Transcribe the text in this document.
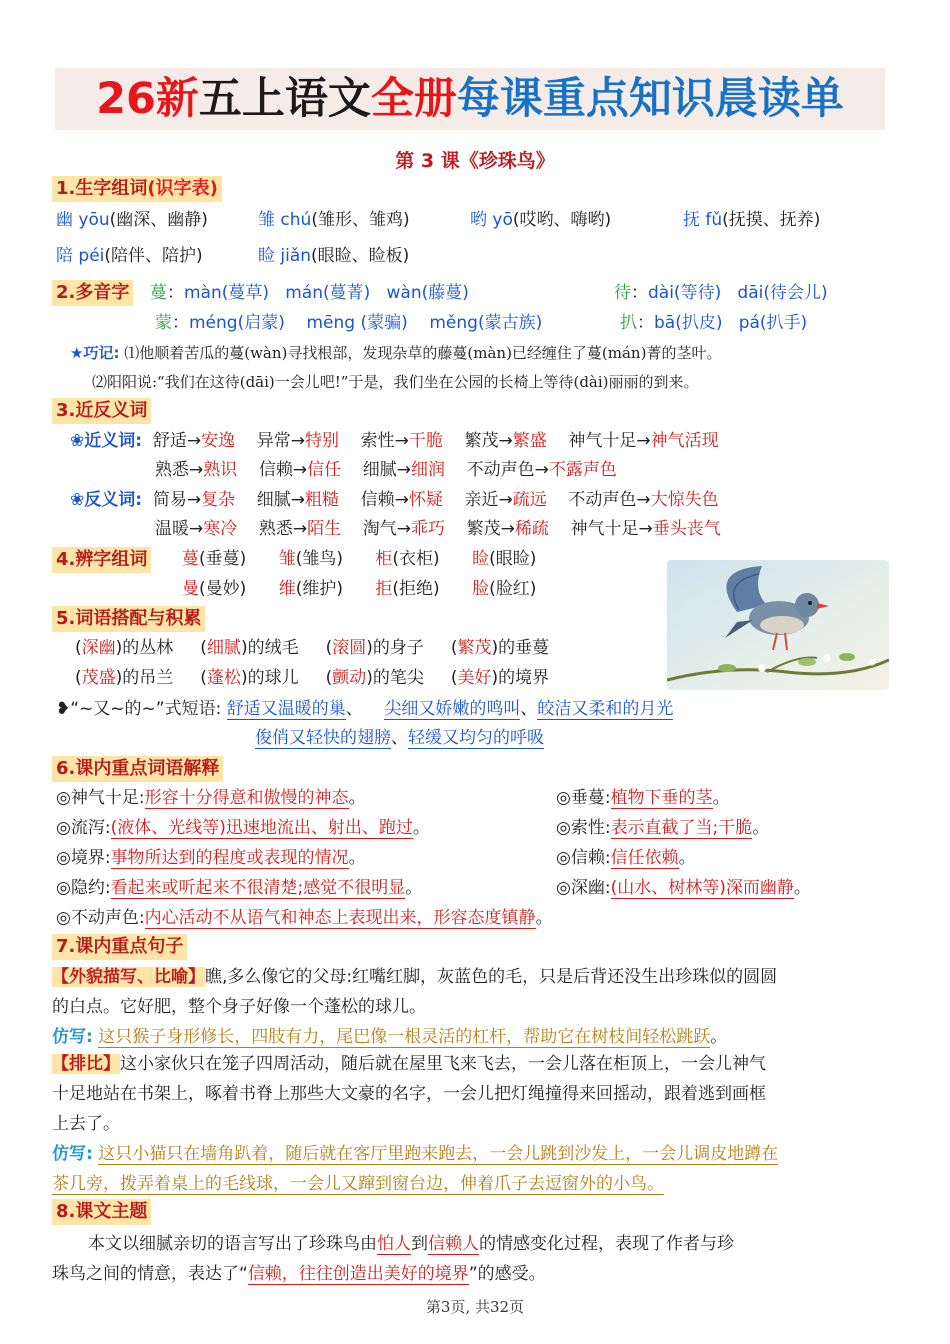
26新五上语文全册每课重点知识晨读单
第 3 课《珍珠鸟》
1.生字组词(识字表)
幽 yōu(幽深、幽静)	雏 chú(雏形、雏鸡)	哟 yō(哎哟、嗨哟)	抚 fǔ(抚摸、抚养)
陪 péi(陪伴、陪护)	睑 jiǎn(眼睑、睑板)
2.多音字 蔓：màn(蔓草) mán(蔓菁) wàn(藤蔓)	待：dài(等待) dāi(待会儿)
蒙：méng(启蒙) mēng (蒙骗) měng(蒙古族)	扒：bā(扒皮) pá(扒手)
★巧记: ⑴他顺着苦瓜的蔓(wàn)寻找根部，发现杂草的藤蔓(màn)已经缠住了蔓(mán)菁的茎叶。
⑵阳阳说:“我们在这待(dāi)一会儿吧!”于是，我们坐在公园的长椅上等待(dài)丽丽的到来。
3.近反义词
❀近义词: 舒适→安逸 异常→特别 索性→干脆 繁茂→繁盛 神气十足→神气活现
熟悉→熟识 信赖→信任 细腻→细润 不动声色→不露声色
❀反义词: 简易→复杂 细腻→粗糙 信赖→怀疑 亲近→疏远 不动声色→大惊失色
温暖→寒冷 熟悉→陌生 淘气→乖巧 繁茂→稀疏 神气十足→垂头丧气
4.辨字组词 蔓(垂蔓) 雏(雏鸟) 柜(衣柜) 睑(眼睑)
曼(曼妙) 维(维护) 拒(拒绝) 脸(脸红)
5.词语搭配与积累
(深幽)的丛林     (细腻)的绒毛     (滚圆)的身子     (繁茂)的垂蔓
(茂盛)的吊兰     (蓬松)的球儿     (颤动)的笔尖     (美好)的境界
❥“~又~的~”式短语: 舒适又温暖的巢、    尖细又娇嫩的鸣叫、皎洁又柔和的月光
俊俏又轻快的翅膀、轻缓又均匀的呼吸
6.课内重点词语解释
◎神气十足:形容十分得意和傲慢的神态。	◎垂蔓:植物下垂的茎。
◎流泻:(液体、光线等)迅速地流出、射出、跑过。	◎索性:表示直截了当;干脆。
◎境界:事物所达到的程度或表现的情况。	◎信赖:信任依赖。
◎隐约:看起来或听起来不很清楚;感觉不很明显。	◎深幽:(山水、树林等)深而幽静。
◎不动声色:内心活动不从语气和神态上表现出来，形容态度镇静。
7.课内重点句子
【外貌描写、比喻】瞧,多么像它的父母:红嘴红脚，灰蓝色的毛，只是后背还没生出珍珠似的圆圆
的白点。它好肥，整个身子好像一个蓬松的球儿。
仿写: 这只猴子身形修长，四肢有力，尾巴像一根灵活的杠杆，帮助它在树枝间轻松跳跃。
【排比】这小家伙只在笼子四周活动，随后就在屋里飞来飞去，一会儿落在柜顶上，一会儿神气
十足地站在书架上，啄着书脊上那些大文豪的名字，一会儿把灯绳撞得来回摇动，跟着逃到画框
上去了。
仿写: 这只小猫只在墙角趴着，随后就在客厅里跑来跑去，一会儿跳到沙发上，一会儿调皮地蹲在
茶几旁，拨弄着桌上的毛线球，一会儿又蹿到窗台边，伸着爪子去逗窗外的小鸟。
8.课文主题
本文以细腻亲切的语言写出了珍珠鸟由怕人到信赖人的情感变化过程，表现了作者与珍
珠鸟之间的情意，表达了“信赖，往往创造出美好的境界”的感受。
第3页, 共32页
